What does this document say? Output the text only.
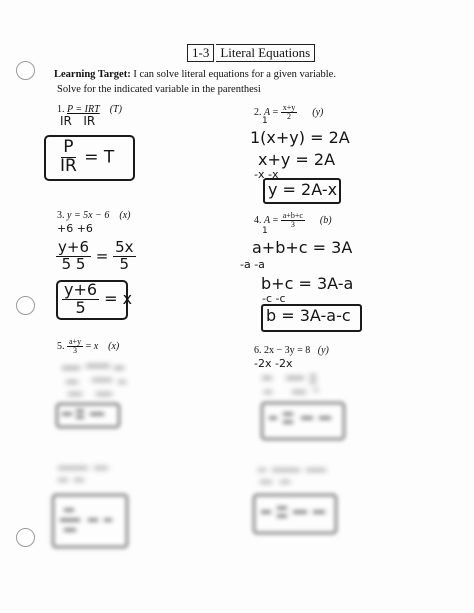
1-3 Literal Equations
Learning Target: I can solve literal equations for a given variable.
Solve for the indicated variable in the parenthesi
1. P = IRT (T)
IR IR
$\frac{P}{IR} = T$
2. $A = \frac{x+y}{2} (y)$
1
1(x+y) = 2A
x+y = 2A
-x -x
y = 2A-x
3. y = 5x − 6 (x)
+6 +6
$\frac{y+6}{5 5} = \frac{5x}{5}$
$\frac{y+6}{5} = x$
4. $A = \frac{a+b+c}{3} (b)$
1
a+b+c = 3A
-a -a
b+c = 3A-a
-c -c
b = 3A-a-c
5. $\frac{a+y}{3} = x$ (x)	6. 2x − 3y = 8 (y)
-2x -2x
